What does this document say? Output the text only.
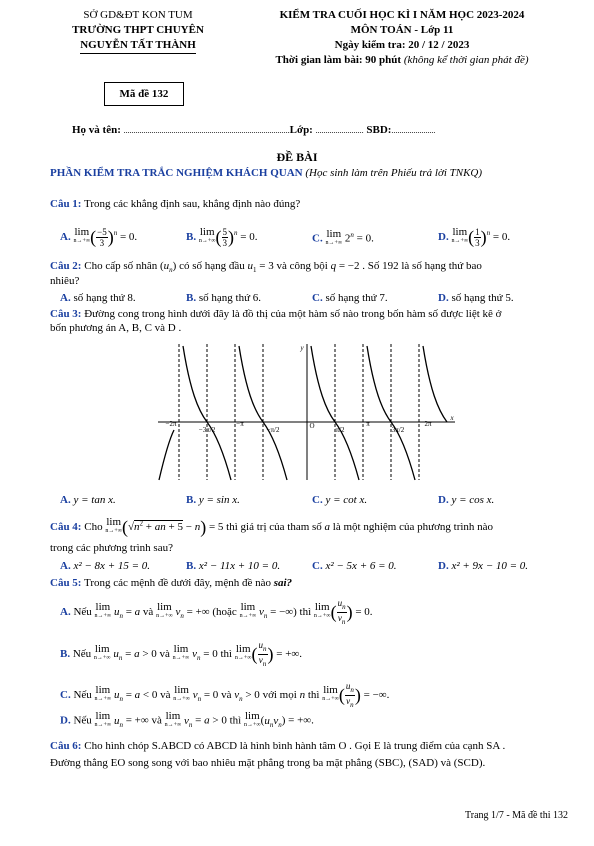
SỞ GD&ĐT KON TUM
TRƯỜNG THPT CHUYÊN
NGUYỄN TẤT THÀNH
KIỂM TRA CUỐI HỌC KÌ I NĂM HỌC 2023-2024
MÔN TOÁN - Lớp 11
Ngày kiểm tra: 20 / 12 / 2023
Thời gian làm bài: 90 phút (không kể thời gian phát đề)
Mã đề 132
Họ và tên: ...................................................................................Lớp: ........................ SBD:......................
ĐỀ BÀI
PHẦN KIỂM TRA TRẮC NGHIỆM KHÁCH QUAN (Học sinh làm trên Phiếu trả lời TNKQ)
Câu 1: Trong các khẳng định sau, khẳng định nào đúng?
A. lim
n→+∞ ( $\frac{-5}{3} )^n = 0$.	B. lim
n→+∞ ( $\frac{5}{3} )^n = 0$.	C. lim
n→+∞ $2^n = 0$.	D. lim
n→+∞ ( $\frac{1}{3} )^n = 0$.
Câu 2: Cho cấp số nhân $(u_n)$ có số hạng đầu $u_1 = 3$ và công bội q = −2 . Số 192 là số hạng thứ bao
nhiêu?
A. số hạng thứ 8.	B. số hạng thứ 6.	C. số hạng thứ 7.	D. số hạng thứ 5.
Câu 3: Đường cong trong hình dưới đây là đồ thị của một hàm số nào trong bốn hàm số được liệt kê ở
bốn phương án A, B, C và D .
−2π
−3π/2
−π
−π/2	O	π/2
π
3π/2
2π
x
y
A. y = tan x.	B. y = sin x.	C. y = cot x.	D. y = cos x.
Câu 4: Cho lim
n→+∞ ($√n^2$ + an + 5 − n) = 5 thì giá trị của tham số a là một nghiệm của phương trình nào
trong các phương trình sau?
A. x² − 8x + 15 = 0.	B. x² − 11x + 10 = 0.	C. x² − 5x + 6 = 0.	D. x² + 9x − 10 = 0.
Câu 5: Trong các mệnh đề dưới đây, mệnh đề nào sai?
A. Nếu lim
n→+∞ $u_n = a$ và lim
n→+∞ $v_n$ = +∞ (hoặc lim
n→+∞ $v_n$ = −∞) thì lim
n→+∞ ( $\frac{u_n}{v_n}$ ) = 0.
B. Nếu lim
n→+∞ $u_n = a > 0$ và lim
n→+∞ $v_n = 0$ thì lim
n→+∞ ( $\frac{u_n}{v_n}$ ) = +∞.
C. Nếu lim
n→+∞ $u_n = a < 0$ và lim
n→+∞ $v_n = 0$ và $v_n > 0$ với mọi n thì lim
n→+∞ ( $\frac{u_n}{v_n}$ ) = −∞.
D. Nếu lim
n→+∞ $u_n$ = +∞ và lim
n→+∞ $v_n = a > 0$ thì lim
n→+∞ $(u_nv_n)$ = +∞.
Câu 6: Cho hình chóp S.ABCD có ABCD là hình bình hành tâm O . Gọi E là trung điểm của cạnh SA .
Đường thẳng EO song song với bao nhiêu mặt phẳng trong ba mặt phẳng (SBC), (SAD) và (SCD).
Trang 1/7 - Mã đề thi 132
